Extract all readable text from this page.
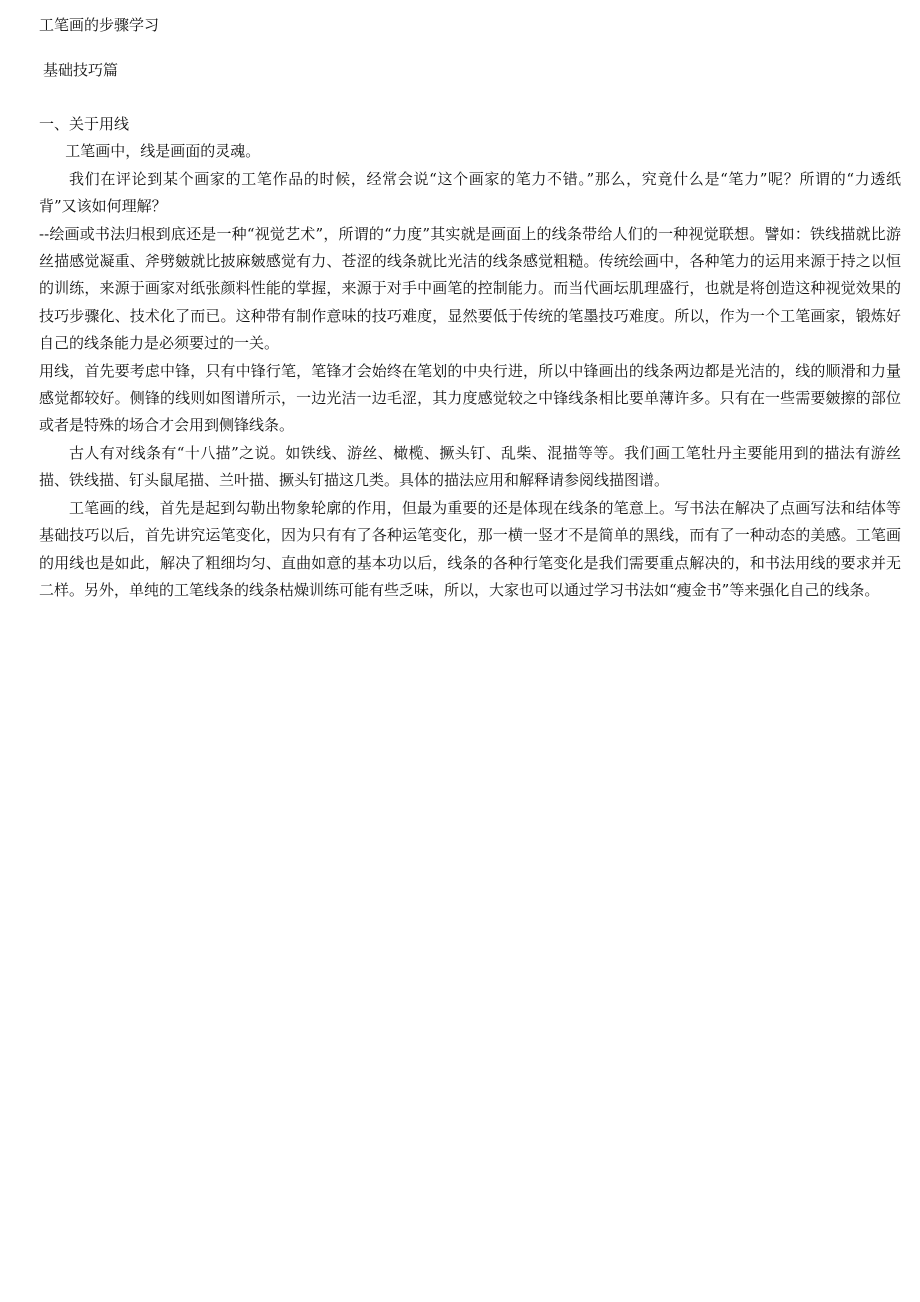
工笔画的步骤学习
基础技巧篇

一、关于用线

工笔画中，线是画面的灵魂。

我们在评论到某个画家的工笔作品的时候，经常会说“这个画家的笔力不错。”那么，究竟什么是“笔力”呢？所谓的“力透纸背”又该如何理解？

--绘画或书法归根到底还是一种“视觉艺术”，所谓的“力度”其实就是画面上的线条带给人们的一种视觉联想。譬如：铁线描就比游丝描感觉凝重、斧劈皴就比披麻皴感觉有力、苍涩的线条就比光洁的线条感觉粗糙。传统绘画中，各种笔力的运用来源于持之以恒的训练，来源于画家对纸张颜料性能的掌握，来源于对手中画笔的控制能力。而当代画坛肌理盛行，也就是将创造这种视觉效果的技巧步骤化、技术化了而已。这种带有制作意味的技巧难度，显然要低于传统的笔墨技巧难度。所以，作为一个工笔画家，锻炼好自己的线条能力是必须要过的一关。

用线，首先要考虑中锋，只有中锋行笔，笔锋才会始终在笔划的中央行进，所以中锋画出的线条两边都是光洁的，线的顺滑和力量感觉都较好。侧锋的线则如图谱所示，一边光洁一边毛涩，其力度感觉较之中锋线条相比要单薄许多。只有在一些需要皴擦的部位或者是特殊的场合才会用到侧锋线条。

古人有对线条有“十八描”之说。如铁线、游丝、橄榄、撅头钉、乱柴、混描等等。我们画工笔牡丹主要能用到的描法有游丝描、铁线描、钉头鼠尾描、兰叶描、撅头钉描这几类。具体的描法应用和解释请参阅线描图谱。

工笔画的线，首先是起到勾勒出物象轮廓的作用，但最为重要的还是体现在线条的笔意上。写书法在解决了点画写法和结体等基础技巧以后，首先讲究运笔变化，因为只有有了各种运笔变化，那一横一竖才不是简单的黑线，而有了一种动态的美感。工笔画的用线也是如此，解决了粗细均匀、直曲如意的基本功以后，线条的各种行笔变化是我们需要重点解决的，和书法用线的要求并无二样。另外，单纯的工笔线条的线条枯燥训练可能有些乏味，所以，大家也可以通过学习书法如“瘦金书”等来强化自己的线条。
